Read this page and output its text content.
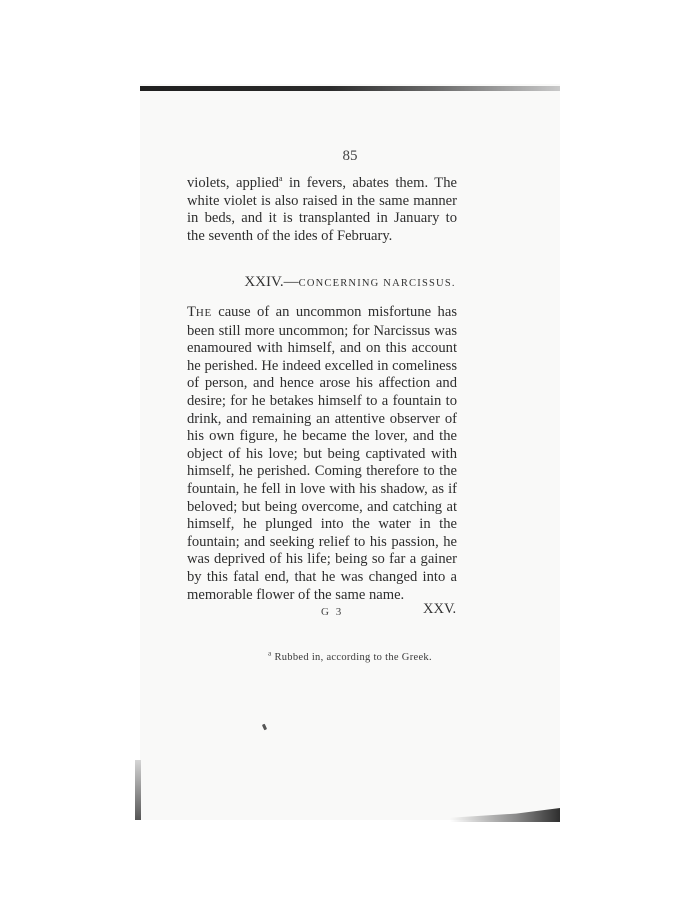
85
violets, applied$^a$ in fevers, abates them. The white violet is also raised in the same manner in beds, and it is transplanted in January to the seventh of the ides of February.
XXIV.—CONCERNING NARCISSUS.
THE cause of an uncommon misfortune has been still more uncommon; for Narcissus was enamoured with himself, and on this account he perished. He indeed excelled in comeliness of person, and hence arose his affection and desire; for he betakes himself to a fountain to drink, and remaining an attentive observer of his own figure, he became the lover, and the object of his love; but being captivated with himself, he perished. Coming therefore to the fountain, he fell in love with his shadow, as if beloved; but being overcome, and catching at himself, he plunged into the water in the fountain; and seeking relief to his passion, he was deprived of his life; being so far a gainer by this fatal end, that he was changed into a memorable flower of the same name.
G 3	XXV.
$^a$ Rubbed in, according to the Greek.
